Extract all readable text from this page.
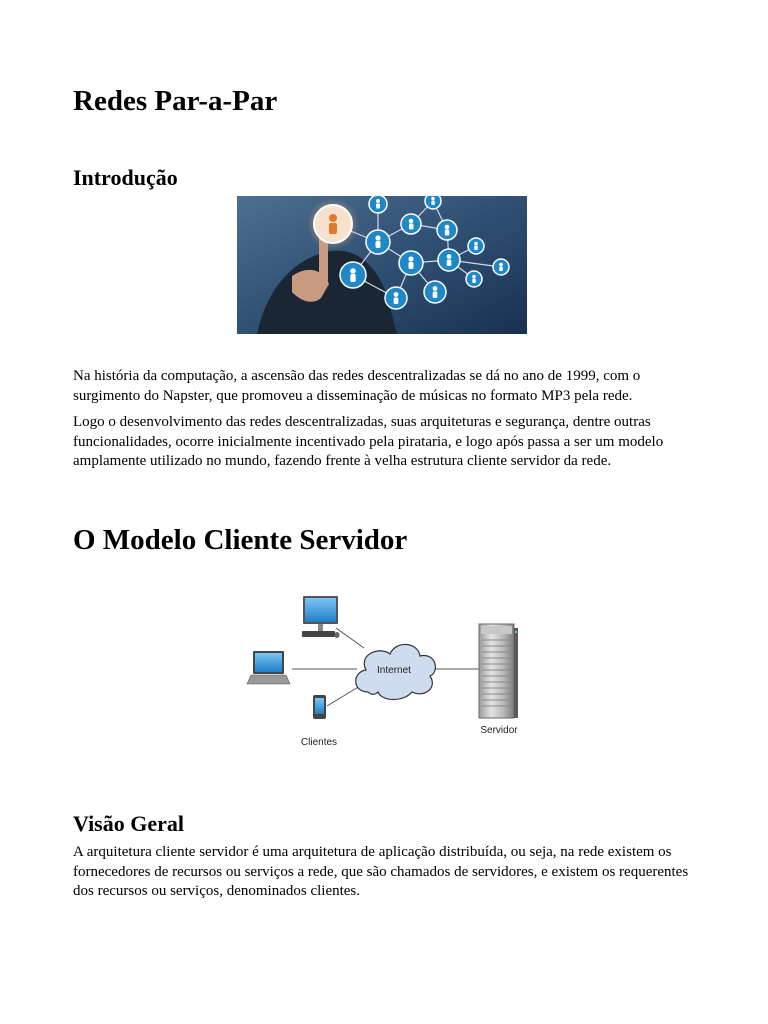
Redes Par-a-Par
Introdução

Na história da computação, a ascensão das redes descentralizadas se dá no ano de 1999, com o surgimento do Napster, que promoveu a disseminação de músicas no formato MP3 pela rede.

Logo o desenvolvimento das redes descentralizadas, suas arquiteturas e segurança, dentre outras funcionalidades, ocorre inicialmente incentivado pela pirataria, e logo após passa a ser um modelo amplamente utilizado no mundo, fazendo frente à velha estrutura cliente servidor da rede.

O Modelo Cliente Servidor
Clientes
Internet
Servidor
Visão Geral

A arquitetura cliente servidor é uma arquitetura de aplicação distribuída, ou seja, na rede existem os fornecedores de recursos ou serviços a rede, que são chamados de servidores, e existem os requerentes dos recursos ou serviços, denominados clientes.
